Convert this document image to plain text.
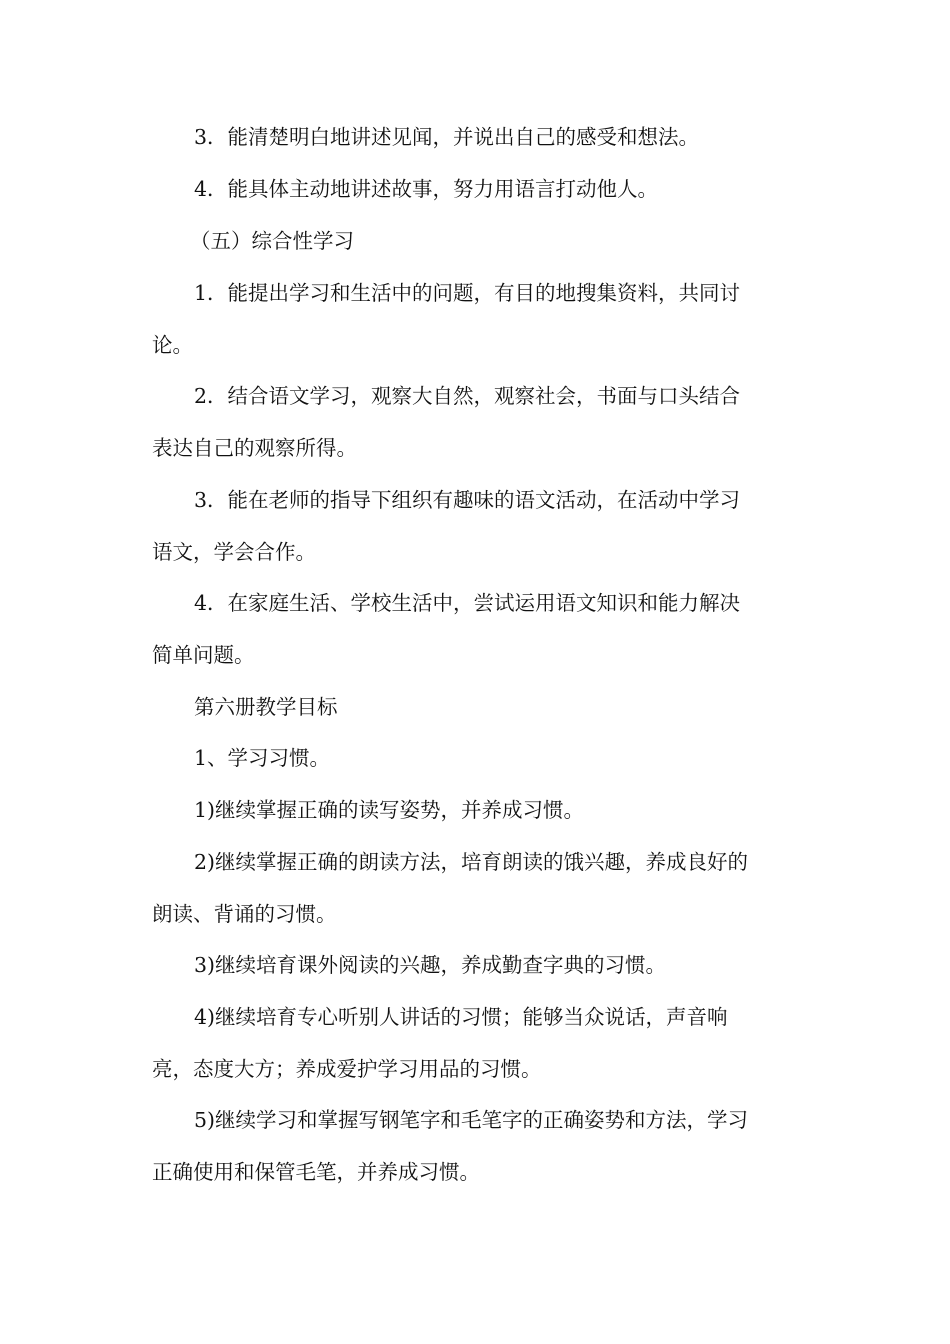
3．能清楚明白地讲述见闻，并说出自己的感受和想法。

4．能具体主动地讲述故事，努力用语言打动他人。

（五）综合性学习

1．能提出学习和生活中的问题，有目的地搜集资料，共同讨

论。

2．结合语文学习，观察大自然，观察社会，书面与口头结合

表达自己的观察所得。

3．能在老师的指导下组织有趣味的语文活动，在活动中学习

语文，学会合作。

4．在家庭生活、学校生活中，尝试运用语文知识和能力解决

简单问题。

第六册教学目标

1、学习习惯。

1)继续掌握正确的读写姿势，并养成习惯。

2)继续掌握正确的朗读方法，培育朗读的饿兴趣，养成良好的

朗读、背诵的习惯。

3)继续培育课外阅读的兴趣，养成勤查字典的习惯。

4)继续培育专心听别人讲话的习惯；能够当众说话，声音响

亮，态度大方；养成爱护学习用品的习惯。

5)继续学习和掌握写钢笔字和毛笔字的正确姿势和方法，学习

正确使用和保管毛笔，并养成习惯。
